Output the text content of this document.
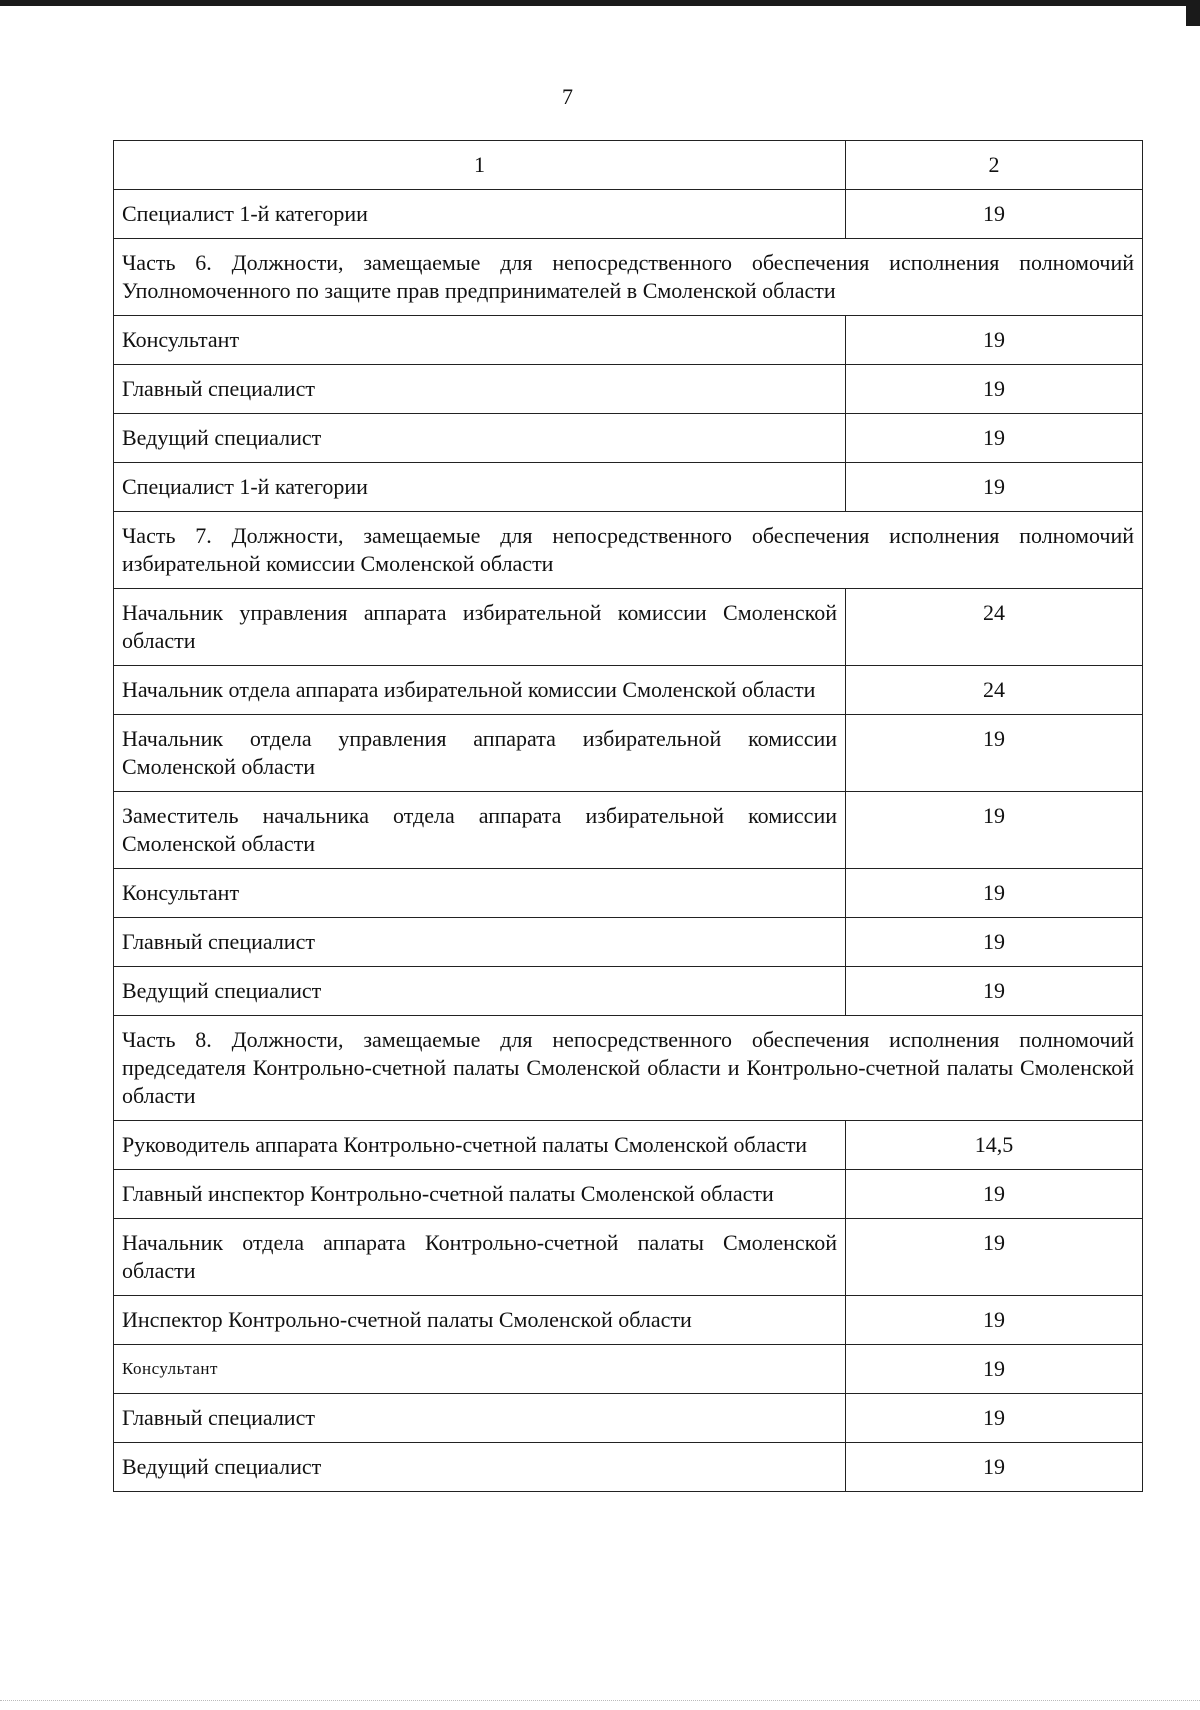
7
1	2
Специалист 1-й категории	19
Часть 6. Должности, замещаемые для непосредственного обеспечения исполнения полномочий Уполномоченного по защите прав предпринимателей в Смоленской области	
Консультант	19
Главный специалист	19
Ведущий специалист	19
Специалист 1-й категории	19
Часть 7. Должности, замещаемые для непосредственного обеспечения исполнения полномочий избирательной комиссии Смоленской области	
Начальник управления аппарата избирательной комиссии Смоленской области	24
Начальник отдела аппарата избирательной комиссии Смоленской области	24
Начальник отдела управления аппарата избирательной комиссии Смоленской области	19
Заместитель начальника отдела аппарата избирательной комиссии Смоленской области	19
Консультант	19
Главный специалист	19
Ведущий специалист	19
Часть 8. Должности, замещаемые для непосредственного обеспечения исполнения полномочий председателя Контрольно-счетной палаты Смоленской области и Контрольно-счетной палаты Смоленской области	
Руководитель аппарата Контрольно-счетной палаты Смоленской области	14,5
Главный инспектор Контрольно-счетной палаты Смоленской области	19
Начальник отдела аппарата Контрольно-счетной палаты Смоленской области	19
Инспектор Контрольно-счетной палаты Смоленской области	19
Консультант	19
Главный специалист	19
Ведущий специалист	19
